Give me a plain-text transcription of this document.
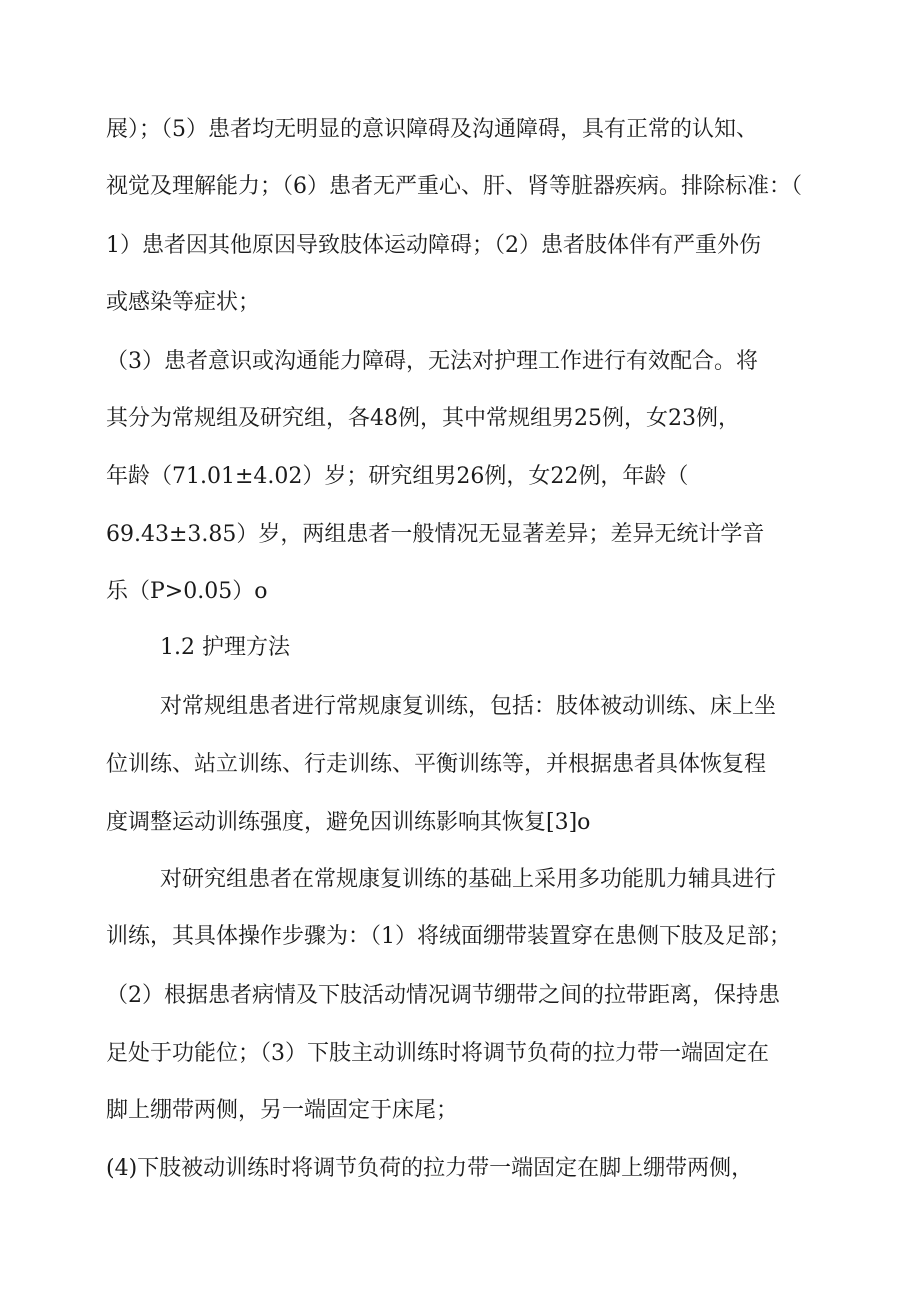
展）；（5）患者均无明显的意识障碍及沟通障碍，具有正常的认知、
视觉及理解能力；（6）患者无严重心、肝、肾等脏器疾病。排除标准：（
1）患者因其他原因导致肢体运动障碍；（2）患者肢体伴有严重外伤
或感染等症状；
（3）患者意识或沟通能力障碍，无法对护理工作进行有效配合。将
其分为常规组及研究组，各48例，其中常规组男25例，女23例，
年龄（71.01±4.02）岁；研究组男26例，女22例，年龄（
69.43±3.85）岁，两组患者一般情况无显著差异；差异无统计学音
乐（P>0.05）o
1.2 护理方法
对常规组患者进行常规康复训练，包括：肢体被动训练、床上坐
位训练、站立训练、行走训练、平衡训练等，并根据患者具体恢复程
度调整运动训练强度，避免因训练影响其恢复[3]o
对研究组患者在常规康复训练的基础上采用多功能肌力辅具进行
训练，其具体操作步骤为：（1）将绒面绷带装置穿在患侧下肢及足部；
（2）根据患者病情及下肢活动情况调节绷带之间的拉带距离，保持患
足处于功能位；（3）下肢主动训练时将调节负荷的拉力带一端固定在
脚上绷带两侧，另一端固定于床尾；
(4)下肢被动训练时将调节负荷的拉力带一端固定在脚上绷带两侧，
